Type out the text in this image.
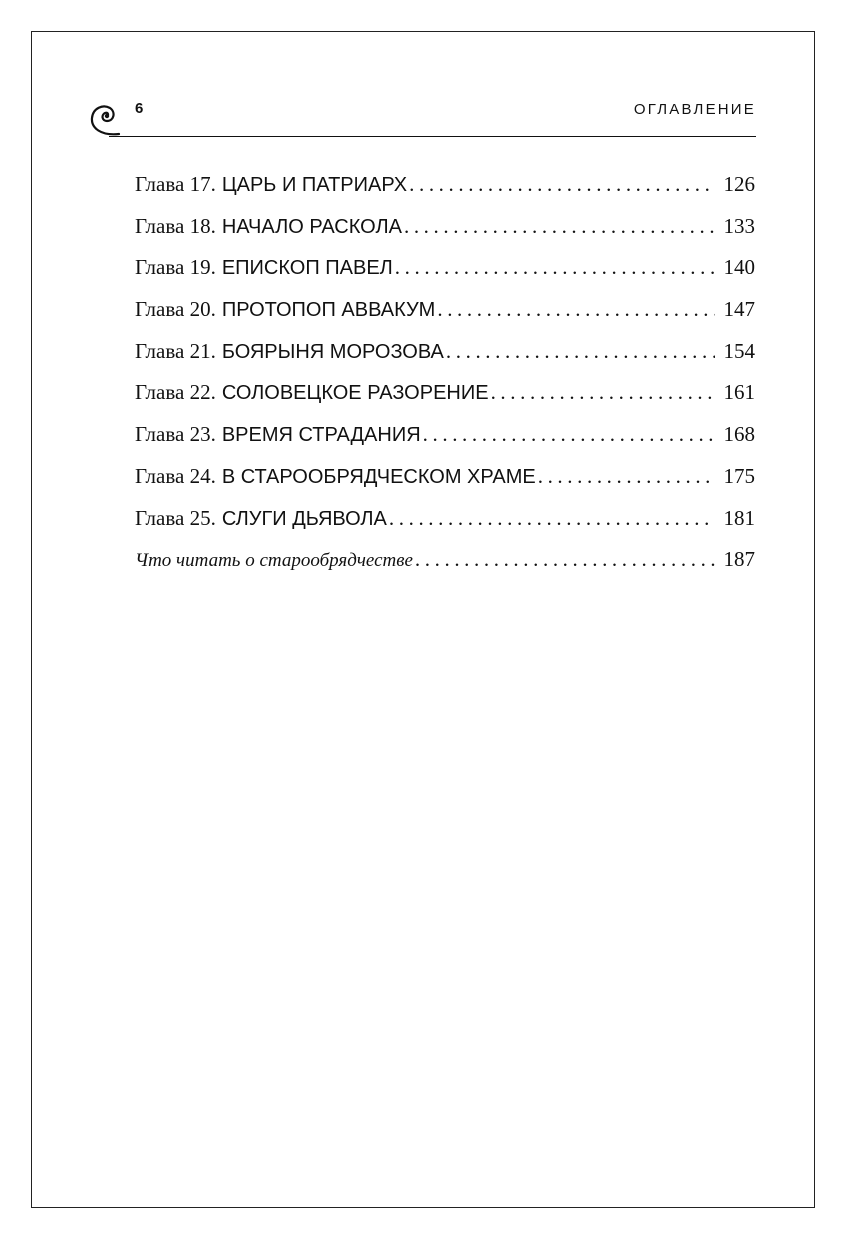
6	ОГЛАВЛЕНИЕ
Глава 17. ЦАРЬ И ПАТРИАРХ .....	126
Глава 18. НАЧАЛО РАСКОЛА .....	133
Глава 19. ЕПИСКОП ПАВЕЛ .....	140
Глава 20. ПРОТОПОП АВВАКУМ .....	147
Глава 21. БОЯРЫНЯ МОРОЗОВА .....	154
Глава 22. СОЛОВЕЦКОЕ РАЗОРЕНИЕ .....	161
Глава 23. ВРЕМЯ СТРАДАНИЯ .....	168
Глава 24. В СТАРООБРЯДЧЕСКОМ ХРАМЕ .....	175
Глава 25. СЛУГИ ДЬЯВОЛА .....	181
Что читать о старообрядчестве .....	187
